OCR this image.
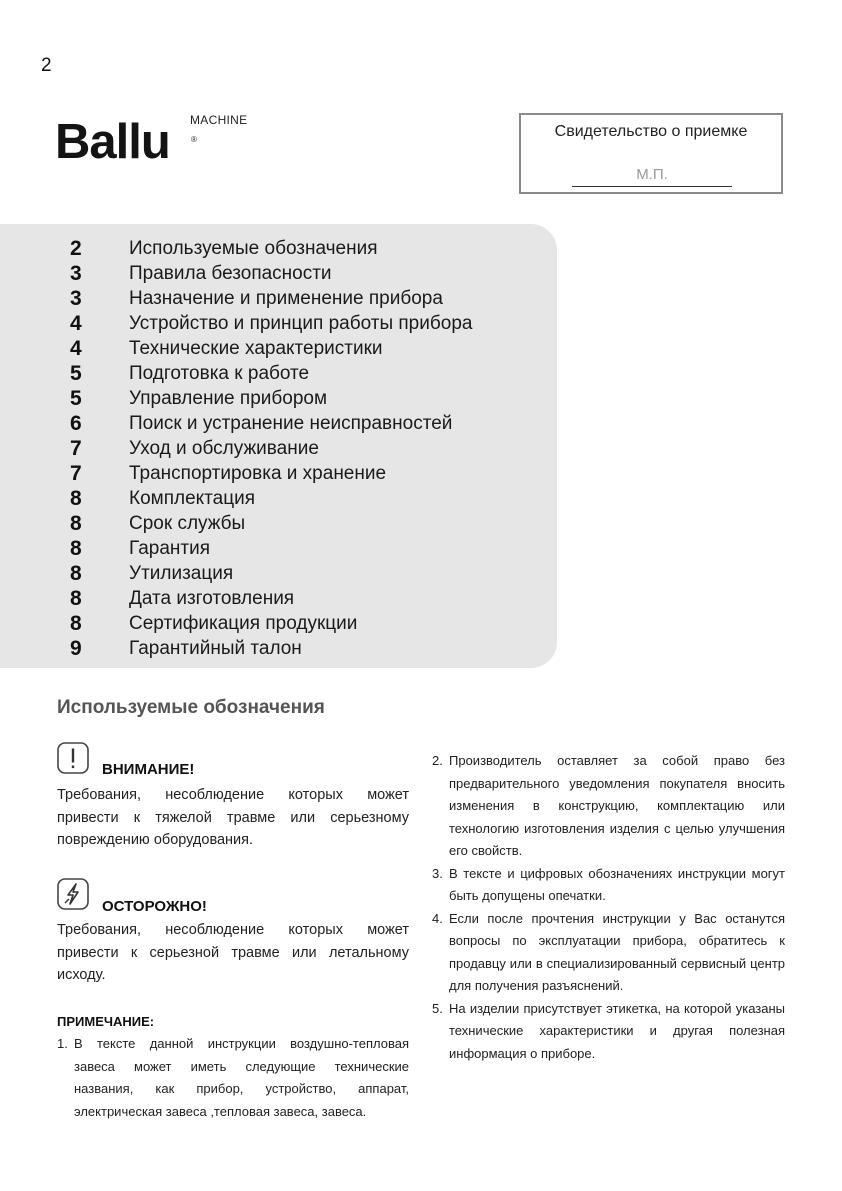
2
Ballu MACHINE
®	Свидетельство о приемке
М.П.
2 Используемые обозначения
3 Правила безопасности
3 Назначение и применение прибора
4 Устройство и принцип работы прибора
4 Технические характеристики
5 Подготовка к работе
5 Управление прибором
6 Поиск и устранение неисправностей
7 Уход и обслуживание
7 Транспортировка и хранение
8 Комплектация
8 Срок службы
8 Гарантия
8 Утилизация
8 Дата изготовления
8 Сертификация продукции
9 Гарантийный талон
Используемые обозначения
ВНИМАНИЕ!
Требования, несоблюдение которых может привести к тяжелой травме или серьезному повреждению оборудования.
ОСТОРОЖНО!
Требования, несоблюдение которых может привести к серьезной травме или летальному исходу.
ПРИМЕЧАНИЕ:
1. В тексте данной инструкции воздушно-тепловая завеса может иметь следующие технические названия, как прибор, устройство, аппарат, электрическая завеса ,тепловая завеса, завеса.
2. Производитель оставляет за собой право без предварительного уведомления покупателя вносить изменения в конструкцию, комплектацию или технологию изготовления изделия с целью улучшения его свойств.
3. В тексте и цифровых обозначениях инструкции могут быть допущены опечатки.
4. Если после прочтения инструкции у Вас останутся вопросы по эксплуатации прибора, обратитесь к продавцу или в специализированный сервисный центр для получения разъяснений.
5. На изделии присутствует этикетка, на которой указаны технические характеристики и другая полезная информация о приборе.
